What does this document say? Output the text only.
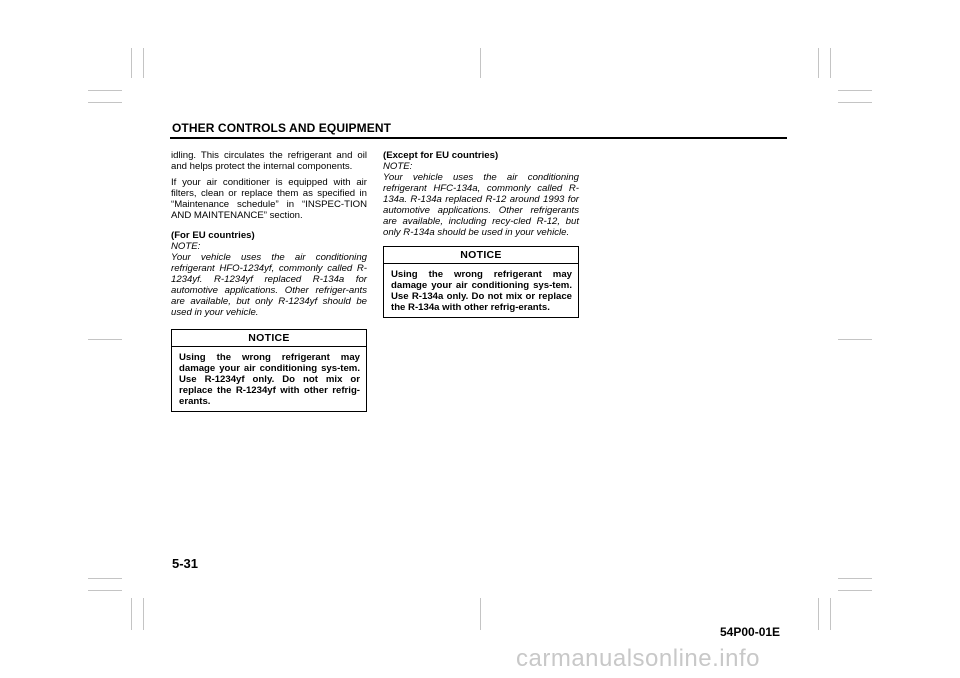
OTHER CONTROLS AND EQUIPMENT

idling. This circulates the refrigerant and oil and helps protect the internal components.

If your air conditioner is equipped with air filters, clean or replace them as specified in “Maintenance schedule” in “INSPEC-TION AND MAINTENANCE” section.

(For EU countries)
NOTE:
Your vehicle uses the air conditioning refrigerant HFO-1234yf, commonly called R-1234yf. R-1234yf replaced R-134a for automotive applications. Other refriger-ants are available, but only R-1234yf should be used in your vehicle.
NOTICE
Using the wrong refrigerant may damage your air conditioning sys-tem. Use R-1234yf only. Do not mix or replace the R-1234yf with other refrig-erants.
(Except for EU countries)
NOTE:
Your vehicle uses the air conditioning refrigerant HFC-134a, commonly called R-134a. R-134a replaced R-12 around 1993 for automotive applications. Other refrigerants are available, including recy-cled R-12, but only R-134a should be used in your vehicle.
NOTICE
Using the wrong refrigerant may damage your air conditioning sys-tem. Use R-134a only. Do not mix or replace the R-134a with other refrig-erants.
5-31
54P00-01E
carmanualsonline.info
